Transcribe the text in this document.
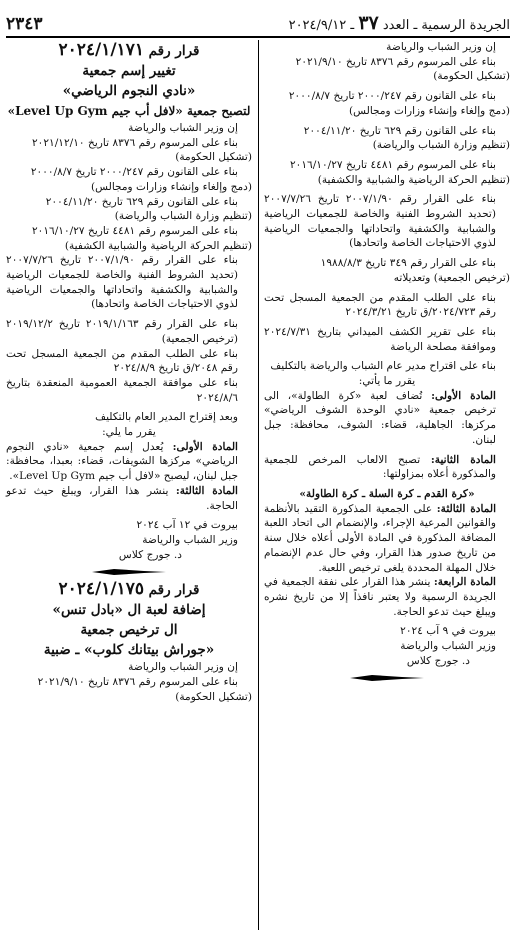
الجريدة الرسمية ـ العدد ٣٧ ـ ٢٠٢٤/٩/١٢
٢٣٤٣

إن وزير الشباب والرياضة

بناء على المرسوم رقم ٨٣٧٦ تاريخ ٢٠٢١/٩/١٠

(تشكيل الحكومة)

بناء على القانون رقم ٢٠٠٠/٢٤٧ تاريخ ٢٠٠٠/٨/٧

(دمج وإلغاء وإنشاء وزارات ومجالس)

بناء على القانون رقم ٦٢٩ تاريخ ٢٠٠٤/١١/٢٠

(تنظيم وزارة الشباب والرياضة)

بناء على المرسوم رقم ٤٤٨١ تاريخ ٢٠١٦/١٠/٢٧

(تنظيم الحركة الرياضية والشبابية والكشفية)

بناء على القرار رقم ٢٠٠٧/١/٩٠ تاريخ ٢٠٠٧/٧/٢٦ (تحديد الشروط الفنية والخاصة للجمعيات الرياضية والشبابية والكشفية واتحاداتها والجمعيات الرياضية لذوي الاحتياجات الخاصة واتحادها)

بناء على القرار رقم ٣٤٩ تاريخ ١٩٨٨/٨/٣

(ترخيص الجمعية) وتعديلاته

بناء على الطلب المقدم من الجمعية المسجل تحت رقم ٢٠٢٤/٧٢٣/ق تاريخ ٢٠٢٤/٣/٢١

بناء على تقرير الكشف الميداني بتاريخ ٢٠٢٤/٧/٣١ وموافقة مصلحة الرياضة

بناء على اقتراح مدير عام الشباب والرياضة بالتكليف

يقرر ما يأتي:

المادة الأولى: تُضاف لعبة «كرة الطاولة»، الى ترخيص جمعية «نادي الوحدة الشوف الرياضي» مركزها: الجاهلية، قضاء: الشوف، محافظة: جبل لبنان.

المادة الثانية: تصبح الالعاب المرخص للجمعية والمذكورة أعلاه بمزاولتها:

«كرة القدم ـ كرة السلة ـ كرة الطاولة»

المادة الثالثة: على الجمعية المذكورة التقيد بالأنظمة والقوانين المرعية الإجراء، والإنضمام الى اتحاد اللعبة المضافة المذكورة في المادة الأولى أعلاه خلال سنة من تاريخ صدور هذا القرار، وفي حال عدم الإنضمام خلال المهلة المحددة يلغى ترخيص اللعبة.

المادة الرابعة: ينشر هذا القرار على نفقة الجمعية في الجريدة الرسمية ولا يعتبر نافذاً إلا من تاريخ نشره ويبلغ حيث تدعو الحاجة.

بيروت في ٩ آب ٢٠٢٤

وزير الشباب والرياضة

د. جورج كلاس

قرار رقم ٢٠٢٤/١/١٧١

تغيير إسم جمعية

«نادي النجوم الرياضي»

لتصبح جمعية «لافل أب جيم Level Up Gym»

إن وزير الشباب والرياضة

بناء على المرسوم رقم ٨٣٧٦ تاريخ ٢٠٢١/١٢/١٠

(تشكيل الحكومة)

بناء على القانون رقم ٢٠٠٠/٢٤٧ تاريخ ٢٠٠٠/٨/٧

(دمج وإلغاء وإنشاء وزارات ومجالس)

بناء على القانون رقم ٦٢٩ تاريخ ٢٠٠٤/١١/٢٠

(تنظيم وزارة الشباب والرياضة)

بناء على المرسوم رقم ٤٤٨١ تاريخ ٢٠١٦/١٠/٢٧

(تنظيم الحركة الرياضية والشبابية الكشفية)

بناء على القرار رقم ٢٠٠٧/١/٩٠ تاريخ ٢٠٠٧/٧/٢٦ (تحديد الشروط الفنية والخاصة للجمعيات الرياضية والشبابية والكشفية واتحاداتها والجمعيات الرياضية لذوي الاحتياجات الخاصة واتحادها)

بناء على القرار رقم ٢٠١٩/١/١٦٣ تاريخ ٢٠١٩/١٢/٢ (ترخيص الجمعية)

بناء على الطلب المقدم من الجمعية المسجل تحت رقم ٢٠٤٨/ق تاريخ ٢٠٢٤/٨/٩

بناء على موافقة الجمعية العمومية المنعقدة بتاريخ ٢٠٢٤/٨/٦

وبعد إقتراح المدير العام بالتكليف

يقرر ما يلي:

المادة الأولى: يُعدل إسم جمعية «نادي النجوم الرياضي» مركزها الشويفات، قضاء: بعبدا، محافظة: جبل لبنان، ليصبح «لافل أب جيم Level Up Gym».

المادة الثالثة: ينشر هذا القرار، ويبلغ حيث تدعو الحاجة.

بيروت في ١٢ آب ٢٠٢٤

وزير الشباب والرياضة

د. جورج كلاس

قرار رقم ٢٠٢٤/١/١٧٥

إضافة لعبة ال «بادل تنس»

ال ترخيص جمعية

«جوراش بيتانك كلوب» ـ ضبية

إن وزير الشباب والرياضة

بناء على المرسوم رقم ٨٣٧٦ تاريخ ٢٠٢١/٩/١٠

(تشكيل الحكومة)
